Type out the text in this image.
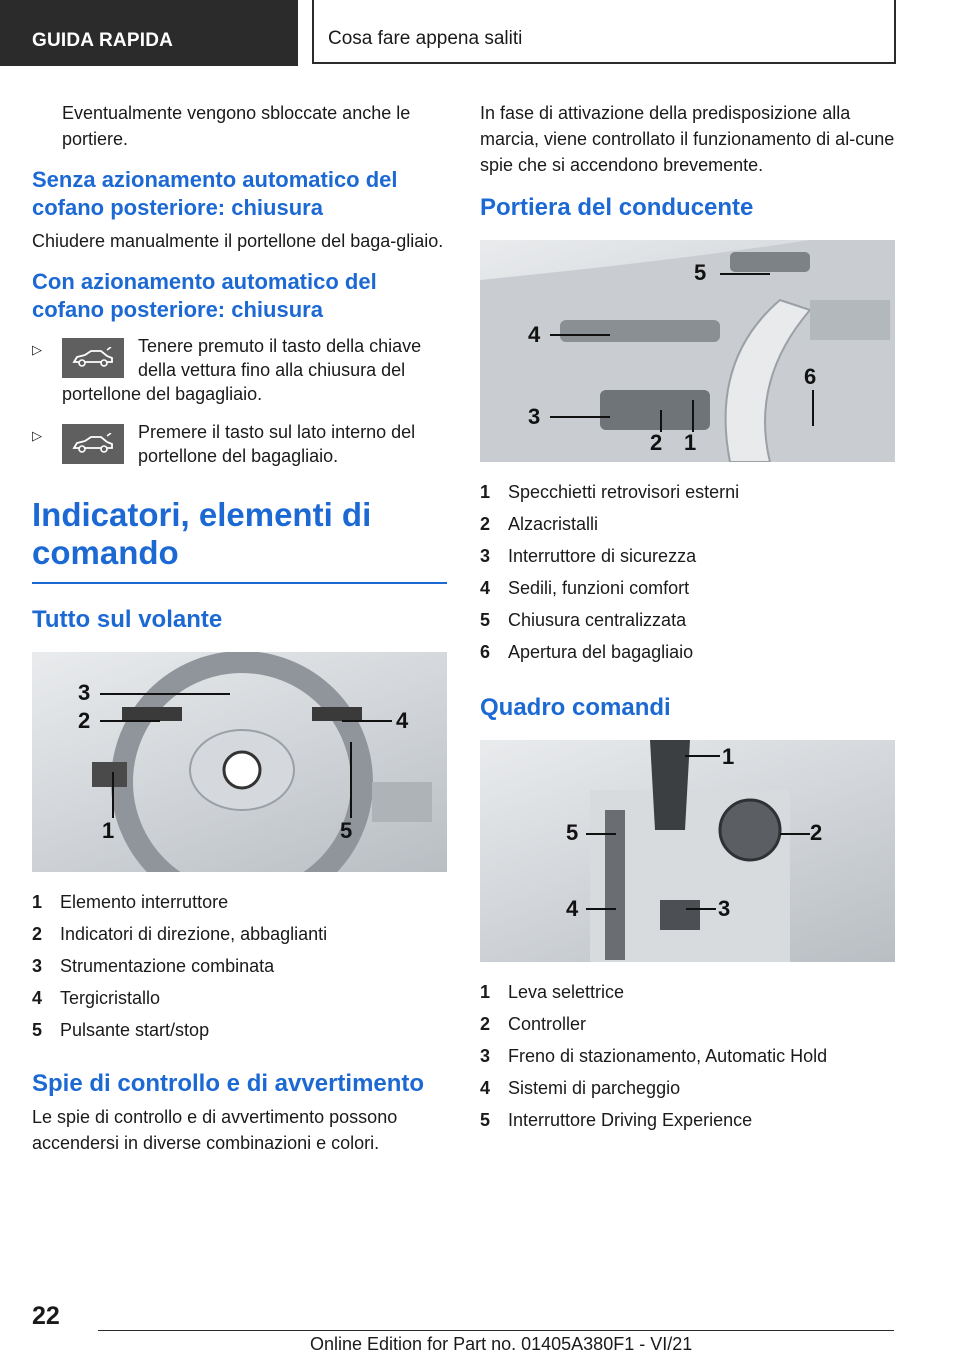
GUIDA RAPIDA	Cosa fare appena saliti

Eventualmente vengono sbloccate anche le portiere.

Senza azionamento automatico del cofano posteriore: chiusura

Chiudere manualmente il portellone del baga-gliaio.

Con azionamento automatico del cofano posteriore: chiusura
▷	Tenere premuto il tasto della chiave della vettura fino alla chiusura del portellone del bagagliaio.
▷	Premere il tasto sul lato interno del portellone del bagagliaio.
Indicatori, elementi di comando
Tutto sul volante
3
2	4
1	5
1 Elemento interruttore
2 Indicatori di direzione, abbaglianti
3 Strumentazione combinata
4 Tergicristallo
5 Pulsante start/stop
Spie di controllo e di avvertimento

Le spie di controllo e di avvertimento possono accendersi in diverse combinazioni e colori.

In fase di attivazione della predisposizione alla marcia, viene controllato il funzionamento di al-cune spie che si accendono brevemente.

Portiera del conducente
5
4
6
3
2 1
1 Specchietti retrovisori esterni
2 Alzacristalli
3 Interruttore di sicurezza
4 Sedili, funzioni comfort
5 Chiusura centralizzata
6 Apertura del bagagliaio
Quadro comandi
1
5	2
4	3
1 Leva selettrice
2 Controller
3 Freno di stazionamento, Automatic Hold
4 Sistemi di parcheggio
5 Interruttore Driving Experience
22
Online Edition for Part no. 01405A380F1 - VI/21
